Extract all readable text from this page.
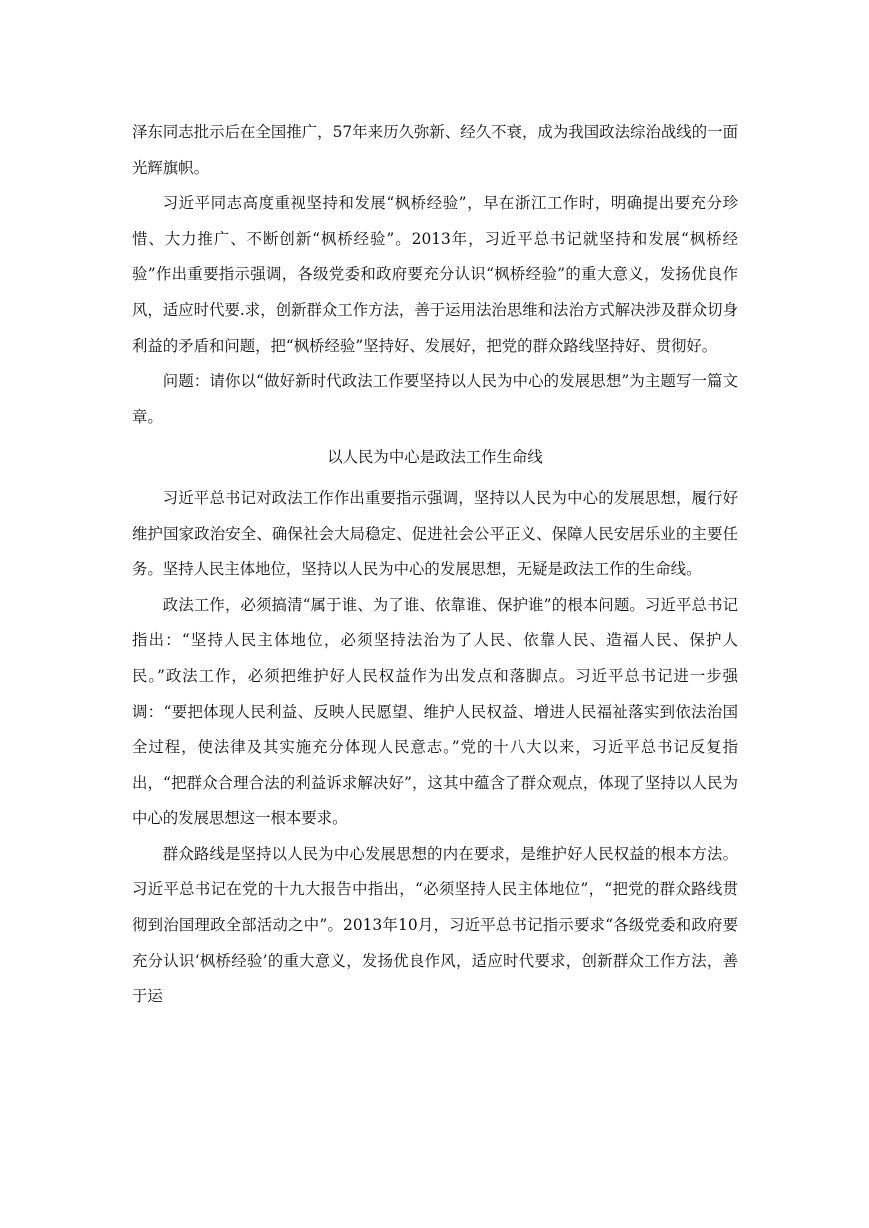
泽东同志批示后在全国推广，57年来历久弥新、经久不衰，成为我国政法综治战线的一面光辉旗帜。

习近平同志高度重视坚持和发展“枫桥经验”，早在浙江工作时，明确提出要充分珍惜、大力推广、不断创新“枫桥经验”。2013年，习近平总书记就坚持和发展“枫桥经验”作出重要指示强调，各级党委和政府要充分认识“枫桥经验”的重大意义，发扬优良作风，适应时代要.求，创新群众工作方法，善于运用法治思维和法治方式解决涉及群众切身利益的矛盾和问题，把“枫桥经验”坚持好、发展好，把党的群众路线坚持好、贯彻好。

问题：请你以“做好新时代政法工作要坚持以人民为中心的发展思想”为主题写一篇文章。

以人民为中心是政法工作生命线

习近平总书记对政法工作作出重要指示强调，坚持以人民为中心的发展思想，履行好维护国家政治安全、确保社会大局稳定、促进社会公平正义、保障人民安居乐业的主要任务。坚持人民主体地位，坚持以人民为中心的发展思想，无疑是政法工作的生命线。

政法工作，必须搞清“属于谁、为了谁、依靠谁、保护谁”的根本问题。习近平总书记指出：“坚持人民主体地位，必须坚持法治为了人民、依靠人民、造福人民、保护人民。”政法工作，必须把维护好人民权益作为出发点和落脚点。习近平总书记进一步强调：“要把体现人民利益、反映人民愿望、维护人民权益、增进人民福祉落实到依法治国全过程，使法律及其实施充分体现人民意志。”党的十八大以来，习近平总书记反复指出，“把群众合理合法的利益诉求解决好”，这其中蕴含了群众观点，体现了坚持以人民为中心的发展思想这一根本要求。

群众路线是坚持以人民为中心发展思想的内在要求，是维护好人民权益的根本方法。习近平总书记在党的十九大报告中指出，“必须坚持人民主体地位”，“把党的群众路线贯彻到治国理政全部活动之中”。2013年10月，习近平总书记指示要求“各级党委和政府要充分认识‘枫桥经验’的重大意义，发扬优良作风，适应时代要求，创新群众工作方法，善于运
